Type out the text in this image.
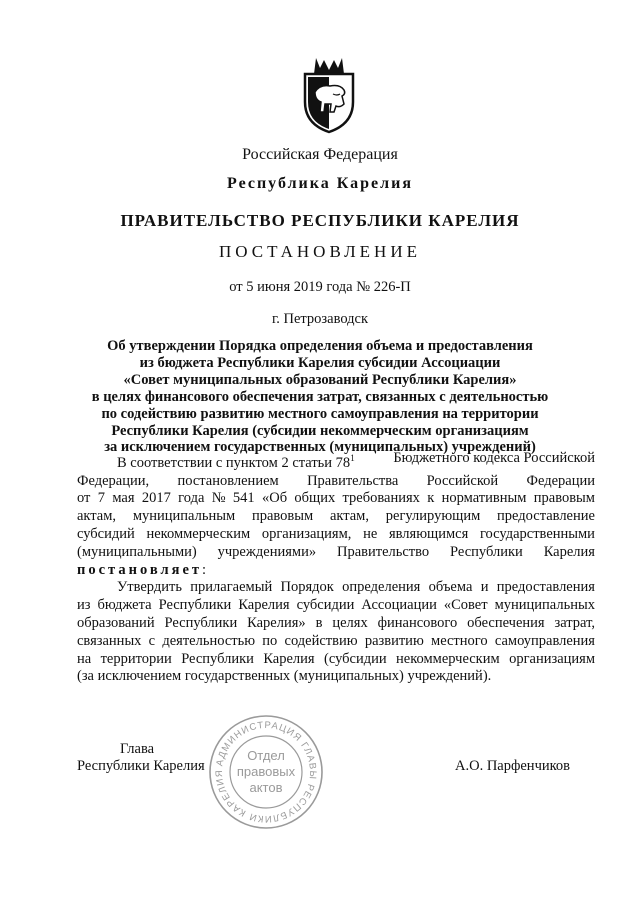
Российская Федерация
Республика Карелия
ПРАВИТЕЛЬСТВО РЕСПУБЛИКИ КАРЕЛИЯ
ПОСТАНОВЛЕНИЕ
от 5 июня 2019 года № 226-П
г. Петрозаводск
Об утверждении Порядка определения объема и предоставления
из бюджета Республики Карелия субсидии Ассоциации
«Совет муниципальных образований Республики Карелия»
в целях финансового обеспечения затрат, связанных с деятельностью
по содействию развитию местного самоуправления на территории
Республики Карелия (субсидии некоммерческим организациям
за исключением государственных (муниципальных) учреждений)
В соответствии с пунктом 2 статьи $78^1$	Бюджетного кодекса Российской
Федерации, постановлением Правительства Российской Федерации
от 7 мая 2017 года № 541 «Об общих требованиях к нормативным правовым
актам, муниципальным правовым актам, регулирующим предоставление
субсидий некоммерческим организациям, не являющимся государственными
(муниципальными) учреждениями» Правительство Республики Карелия
постановляет :
Утвердить прилагаемый Порядок определения объема и предоставления
из бюджета Республики Карелия субсидии Ассоциации «Совет муниципальных
образований Республики Карелия» в целях финансового обеспечения затрат,
связанных с деятельностью по содействию развитию местного самоуправления
на территории Республики Карелия (субсидии некоммерческим организациям
(за исключением государственных (муниципальных) учреждений).
Глава
Республики Карелия	А.О. Парфенчиков
АДМИНИСТРАЦИЯ ГЛАВЫ РЕСПУБЛИКИ КАРЕЛИЯ
Отдел
правовых
актов
